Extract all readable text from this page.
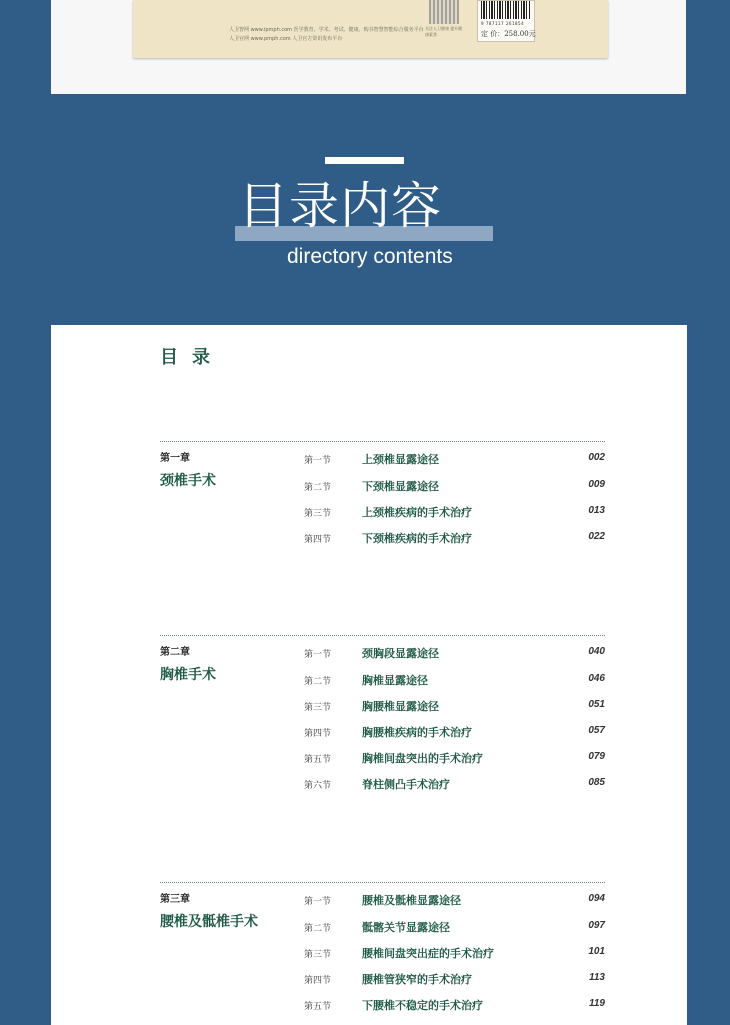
人卫智网 www.ipmph.com 医学教育、学术、考试、健康，购书智慧智能综合服务平台
人卫官网 www.pmph.com 人卫官方资讯发布平台
关注人卫健康 提升健康素养
9 787117 261854
定 价：258.00元
目录内容
directory contents
目录
第一章
颈椎手术
第一节	上颈椎显露途径	002
第二节	下颈椎显露途径	009
第三节	上颈椎疾病的手术治疗	013
第四节	下颈椎疾病的手术治疗	022
第二章
胸椎手术
第一节	颈胸段显露途径	040
第二节	胸椎显露途径	046
第三节	胸腰椎显露途径	051
第四节	胸腰椎疾病的手术治疗	057
第五节	胸椎间盘突出的手术治疗	079
第六节	脊柱侧凸手术治疗	085
第三章
腰椎及骶椎手术
第一节	腰椎及骶椎显露途径	094
第二节	骶髂关节显露途径	097
第三节	腰椎间盘突出症的手术治疗	101
第四节	腰椎管狭窄的手术治疗	113
第五节	下腰椎不稳定的手术治疗	119
